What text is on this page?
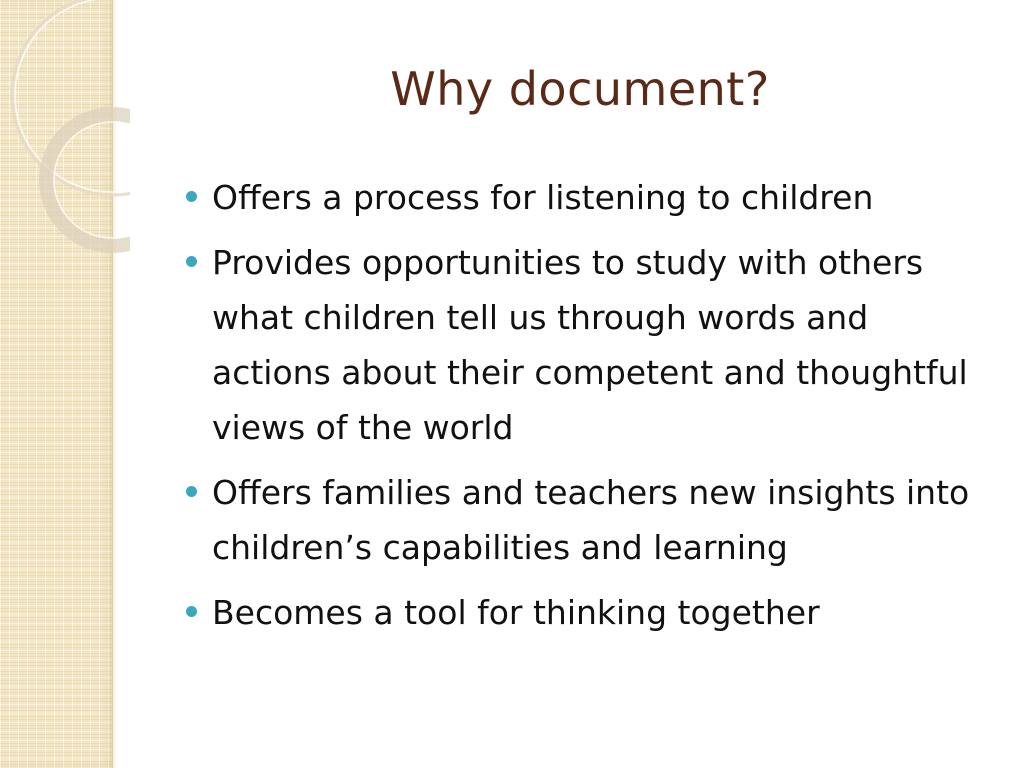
Why document?
Offers a process for listening to children
Provides opportunities to study with others what children tell us through words and actions about their competent and thoughtful views of the world
Offers families and teachers new insights into children’s capabilities and learning
Becomes a tool for thinking together
